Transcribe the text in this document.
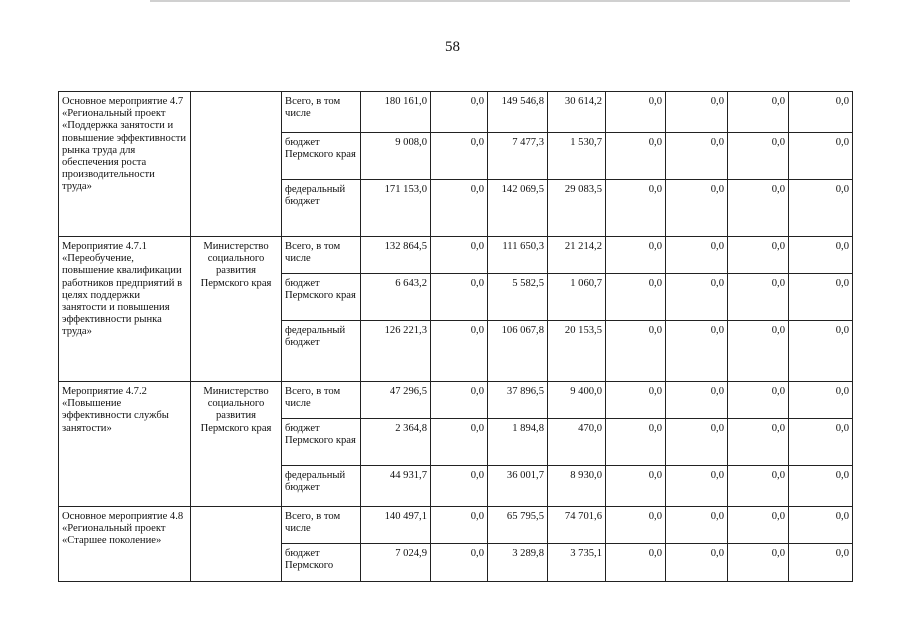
58
Основное мероприятие 4.7 «Региональный проект «Поддержка занятости и повышение эффективности рынка труда для обеспечения роста производительности труда»		Всего, в том числе	180 161,0	0,0	149 546,8	30 614,2	0,0	0,0	0,0	0,0
		бюджет Пермского края	9 008,0	0,0	7 477,3	1 530,7	0,0	0,0	0,0	0,0
		федеральный бюджет	171 153,0	0,0	142 069,5	29 083,5	0,0	0,0	0,0	0,0
Мероприятие 4.7.1 «Переобучение, повышение квалификации работников предприятий в целях поддержки занятости и повышения эффективности рынка труда»	Министерство социального развития Пермского края	Всего, в том числе	132 864,5	0,0	111 650,3	21 214,2	0,0	0,0	0,0	0,0
		бюджет Пермского края	6 643,2	0,0	5 582,5	1 060,7	0,0	0,0	0,0	0,0
		федеральный бюджет	126 221,3	0,0	106 067,8	20 153,5	0,0	0,0	0,0	0,0
Мероприятие 4.7.2 «Повышение эффективности службы занятости»	Министерство социального развития Пермского края	Всего, в том числе	47 296,5	0,0	37 896,5	9 400,0	0,0	0,0	0,0	0,0
		бюджет Пермского края	2 364,8	0,0	1 894,8	470,0	0,0	0,0	0,0	0,0
		федеральный бюджет	44 931,7	0,0	36 001,7	8 930,0	0,0	0,0	0,0	0,0
Основное мероприятие 4.8 «Региональный проект «Старшее поколение»		Всего, в том числе	140 497,1	0,0	65 795,5	74 701,6	0,0	0,0	0,0	0,0
		бюджет Пермского	7 024,9	0,0	3 289,8	3 735,1	0,0	0,0	0,0	0,0
